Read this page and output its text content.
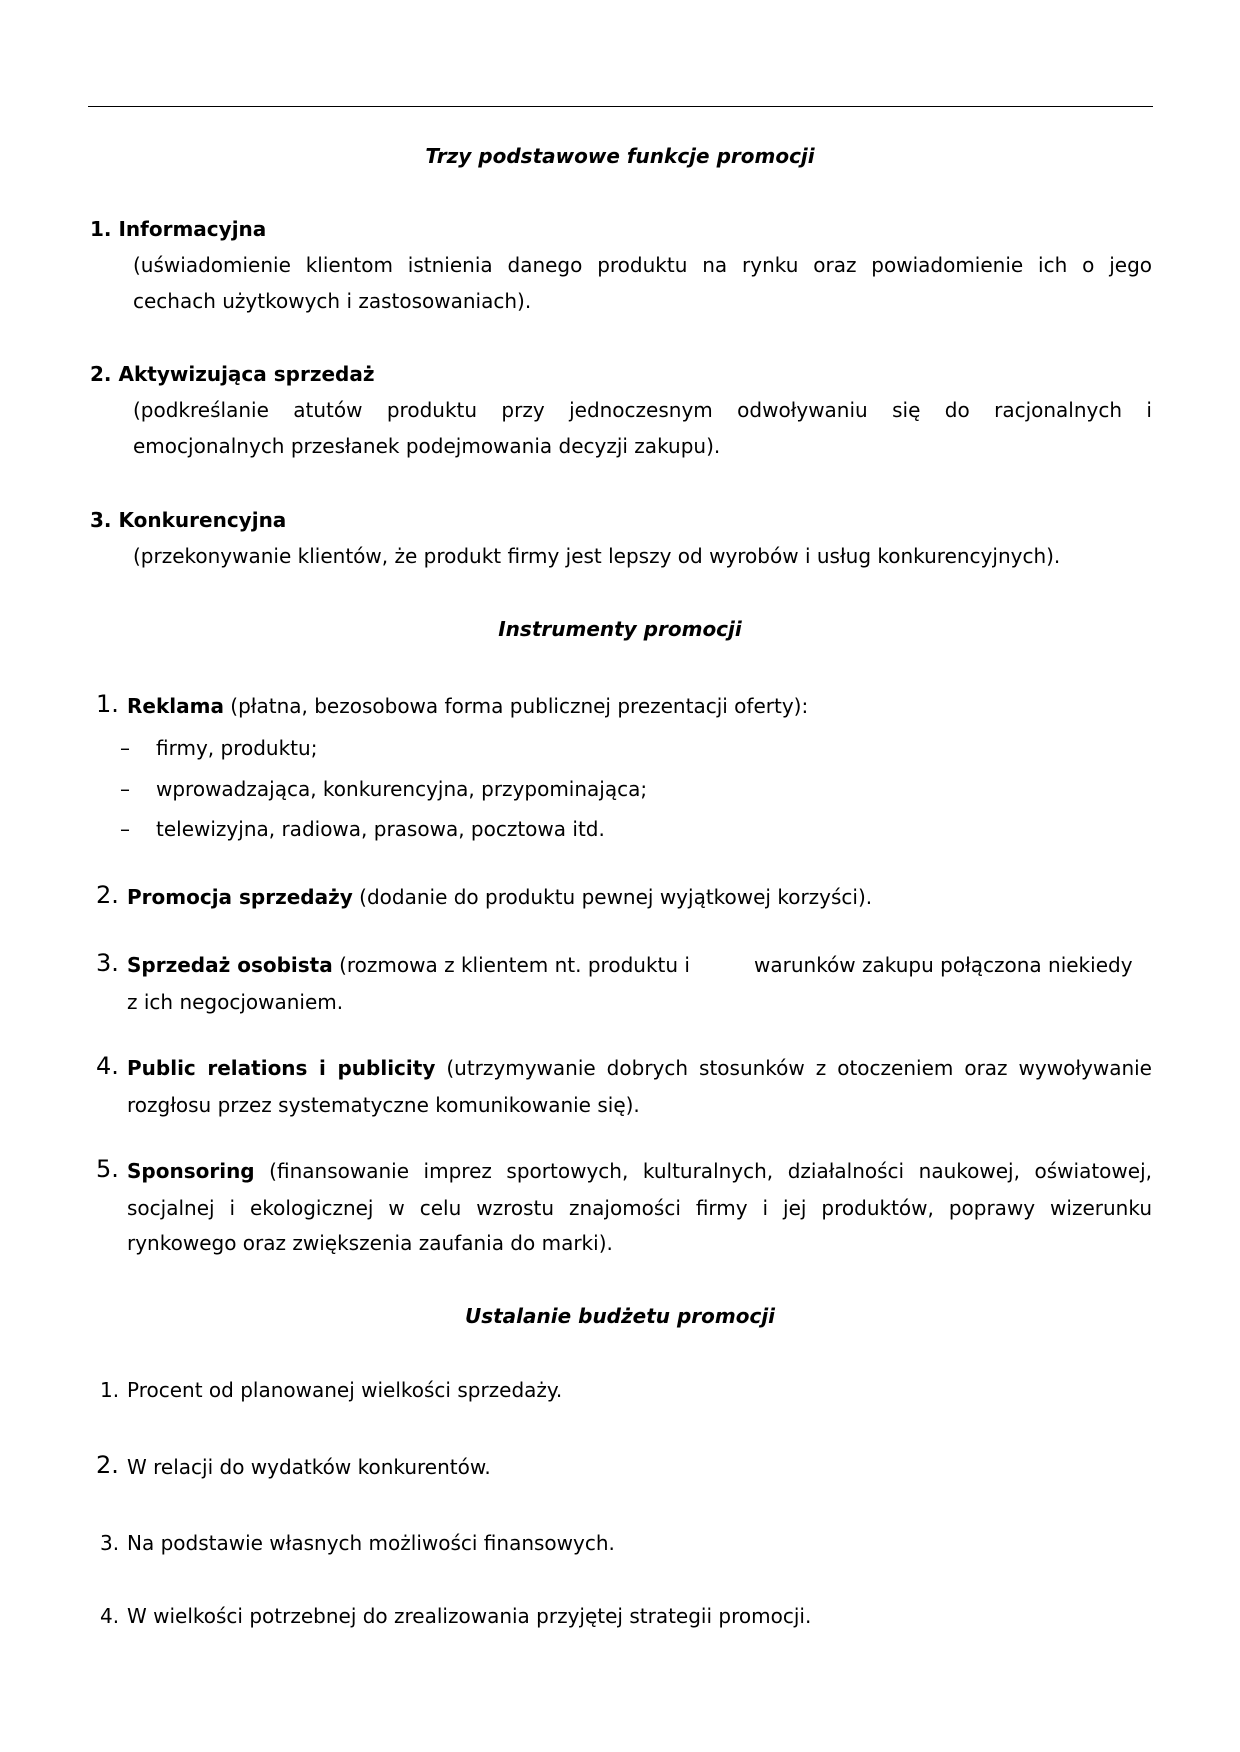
Trzy podstawowe funkcje promocji
1. Informacyjna
(uświadomienie klientom istnienia danego produktu na rynku oraz powiadomienie ich o jego
cechach użytkowych i zastosowaniach).
2. Aktywizująca sprzedaż
(podkreślanie atutów produktu przy jednoczesnym odwoływaniu się do racjonalnych i
emocjonalnych przesłanek podejmowania decyzji zakupu).
3. Konkurencyjna
(przekonywanie klientów, że produkt firmy jest lepszy od wyrobów i usług konkurencyjnych).
Instrumenty promocji
1. Reklama (płatna, bezosobowa forma publicznej prezentacji oferty):
– firmy, produktu;
– wprowadzająca, konkurencyjna, przypominająca;
– telewizyjna, radiowa, prasowa, pocztowa itd.
2. Promocja sprzedaży (dodanie do produktu pewnej wyjątkowej korzyści).
3. Sprzedaż osobista (rozmowa z klientem nt. produktu i	warunków zakupu połączona niekiedy
z ich negocjowaniem.
4. Public relations i publicity (utrzymywanie dobrych stosunków z otoczeniem oraz wywoływanie
rozgłosu przez systematyczne komunikowanie się).
5. Sponsoring (finansowanie imprez sportowych, kulturalnych, działalności naukowej, oświatowej,
socjalnej i ekologicznej w celu wzrostu znajomości firmy i jej produktów, poprawy wizerunku
rynkowego oraz zwiększenia zaufania do marki).
Ustalanie budżetu promocji
1. Procent od planowanej wielkości sprzedaży.
2. W relacji do wydatków konkurentów.
3. Na podstawie własnych możliwości finansowych.
4. W wielkości potrzebnej do zrealizowania przyjętej strategii promocji.
